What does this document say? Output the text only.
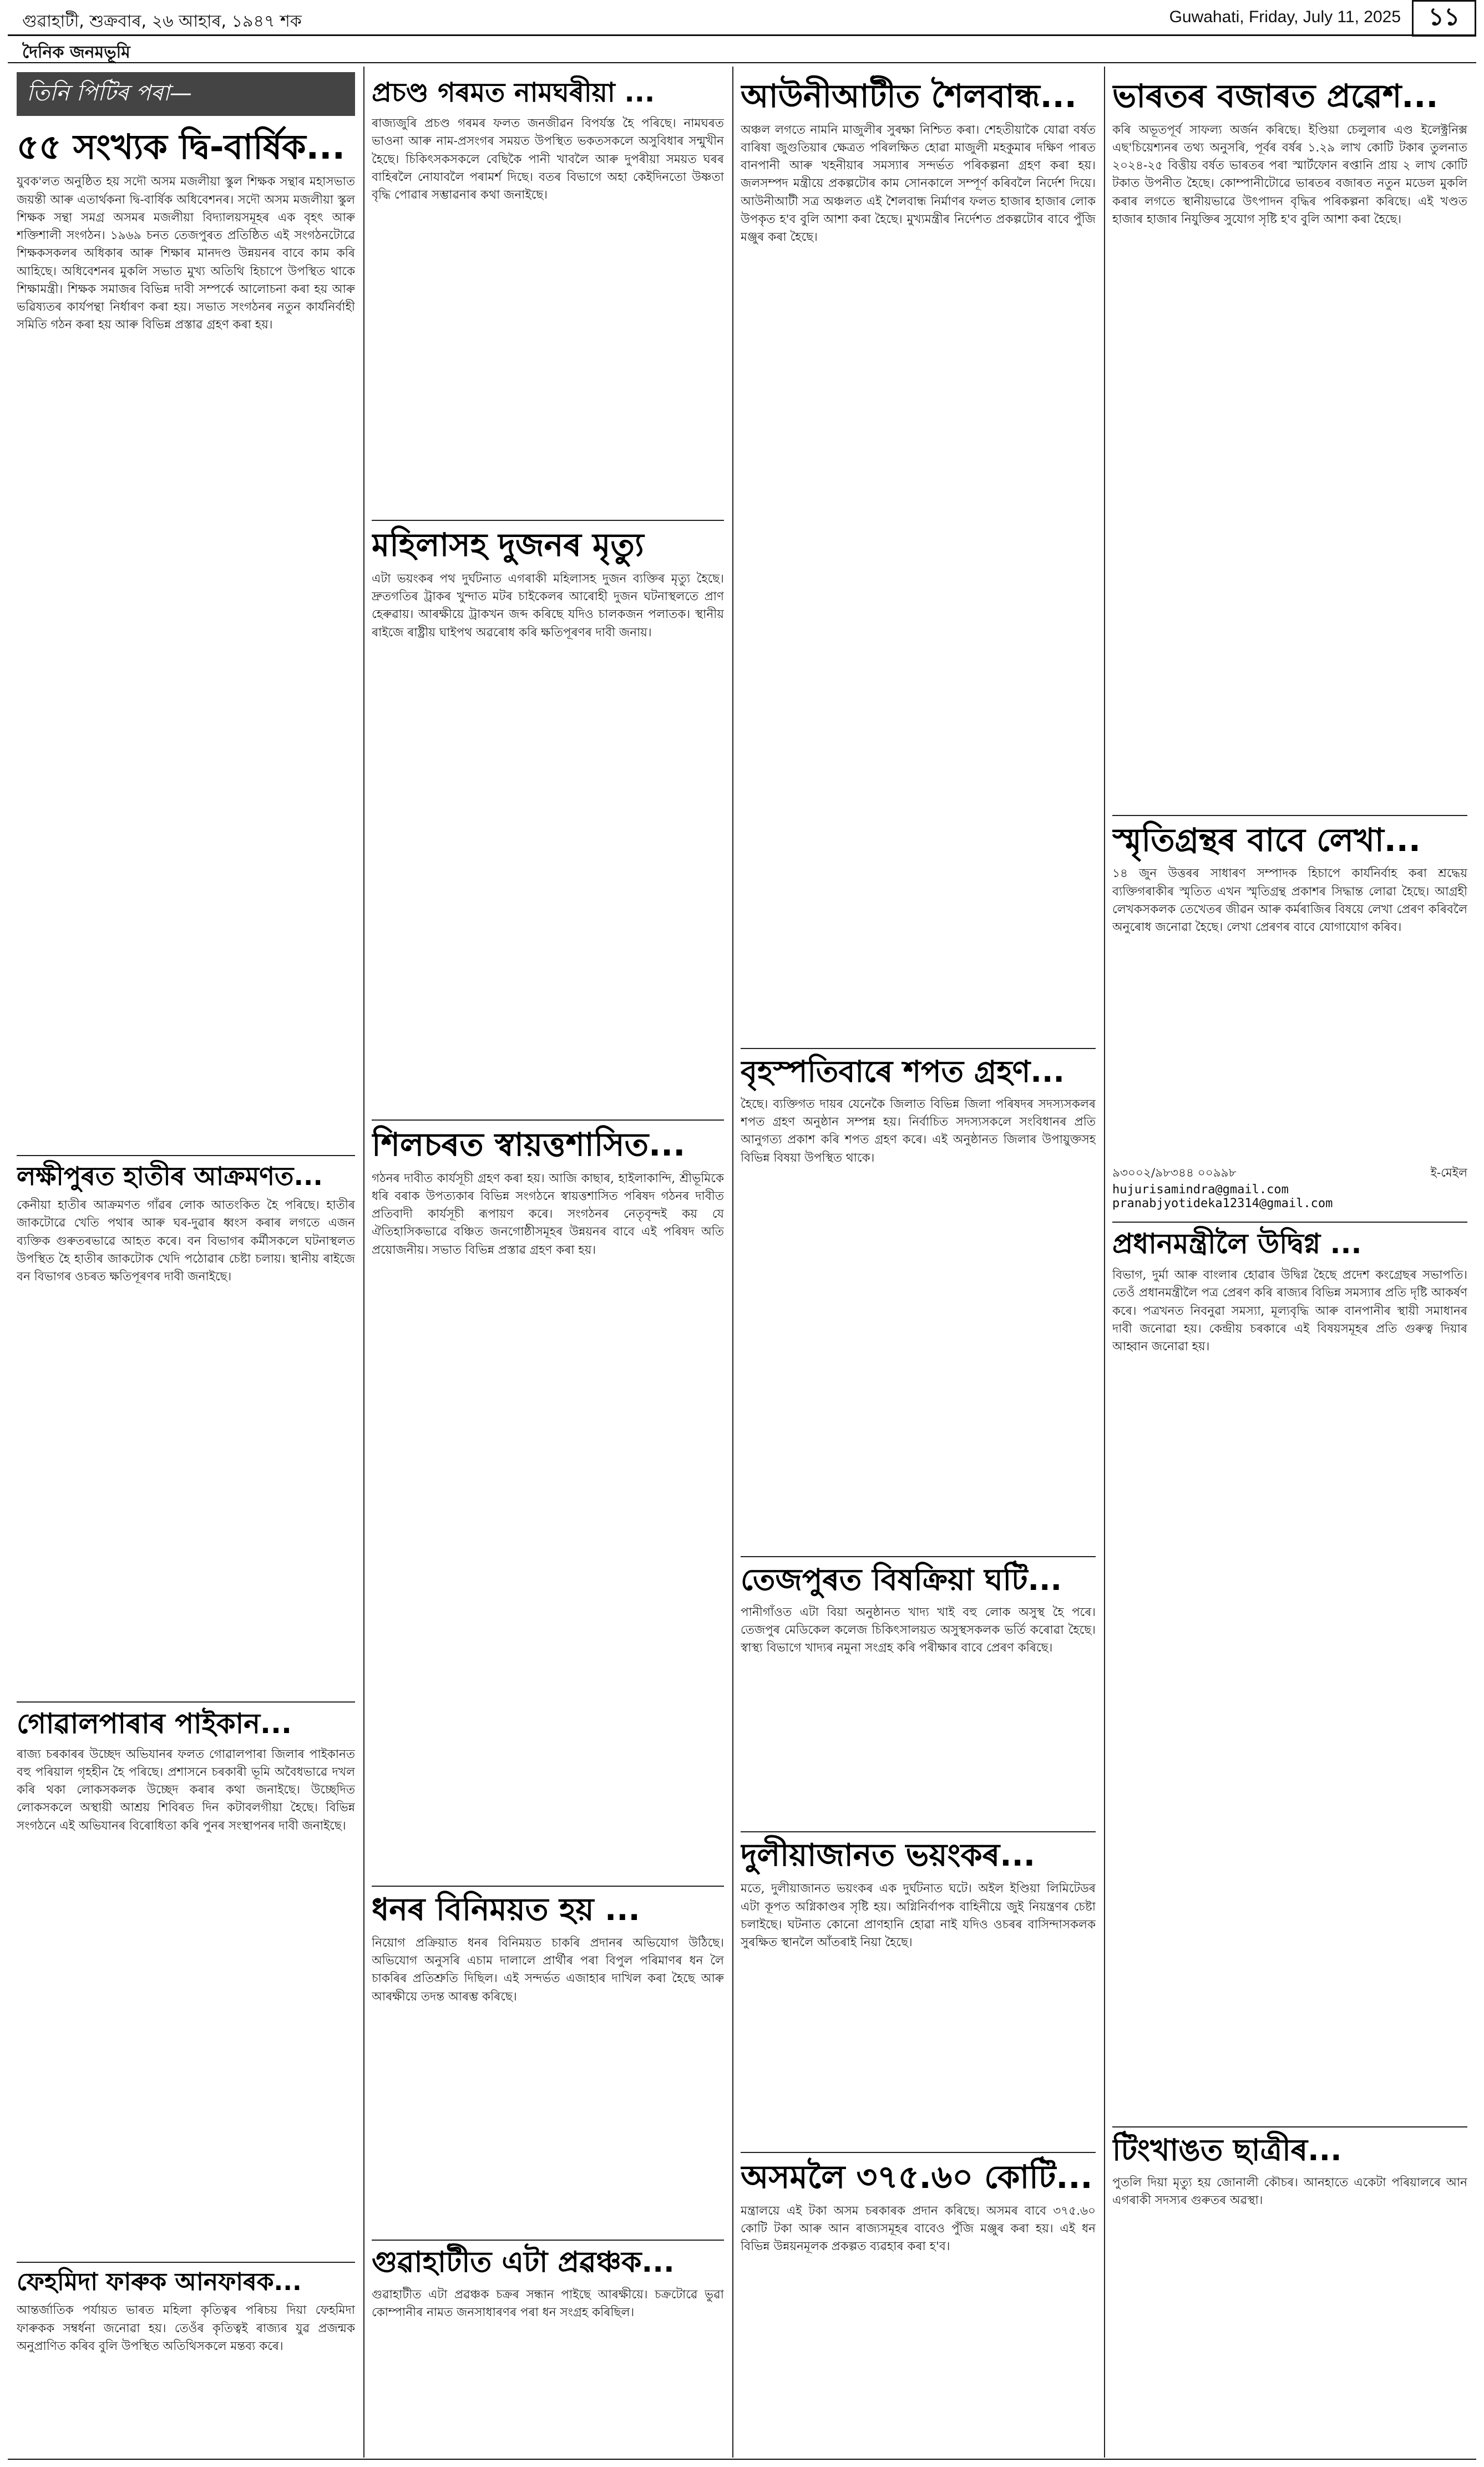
গুৱাহাটী, শুক্ৰবাৰ, ২৬ আহাৰ, ১৯৪৭ শক	Guwahati, Friday, July 11, 2025	১১
দৈনিক জনমভূমি
তিনি পিটিৰ পৰা—
৫৫ সংখ্যক দ্বি-বাৰ্ষিক...
যুবক'লত অনুষ্ঠিত হয় সদৌ অসম মজলীয়া স্কুল শিক্ষক সন্থাৰ মহাসভাত জয়ন্তী আৰু এতাৰ্থকনা দ্বি-বাৰ্ষিক অধিবেশনৰ। সদৌ অসম মজলীয়া স্কুল শিক্ষক সন্থা সমগ্ৰ অসমৰ মজলীয়া বিদ্যালয়সমূহৰ এক বৃহৎ আৰু শক্তিশালী সংগঠন। ১৯৬৯ চনত তেজপুৰত প্ৰতিষ্ঠিত এই সংগঠনটোৱে শিক্ষকসকলৰ অধিকাৰ আৰু শিক্ষাৰ মানদণ্ড উন্নয়নৰ বাবে কাম কৰি আহিছে। অধিবেশনৰ মুকলি সভাত মুখ্য অতিথি হিচাপে উপস্থিত থাকে শিক্ষামন্ত্ৰী। শিক্ষক সমাজৰ বিভিন্ন দাবী সম্পৰ্কে আলোচনা কৰা হয় আৰু ভৱিষ্যতৰ কাৰ্যপন্থা নিৰ্ধাৰণ কৰা হয়। সভাত সংগঠনৰ নতুন কাৰ্যনিৰ্বাহী সমিতি গঠন কৰা হয় আৰু বিভিন্ন প্ৰস্তাৱ গ্ৰহণ কৰা হয়।
লক্ষীপুৰত হাতীৰ আক্ৰমণত...
কেনীয়া হাতীৰ আক্ৰমণত গাঁৱৰ লোক আতংকিত হৈ পৰিছে। হাতীৰ জাকটোৱে খেতি পথাৰ আৰু ঘৰ-দুৱাৰ ধ্বংস কৰাৰ লগতে এজন ব্যক্তিক গুৰুতৰভাৱে আহত কৰে। বন বিভাগৰ কৰ্মীসকলে ঘটনাস্থলত উপস্থিত হৈ হাতীৰ জাকটোক খেদি পঠোৱাৰ চেষ্টা চলায়। স্থানীয় ৰাইজে বন বিভাগৰ ওচৰত ক্ষতিপূৰণৰ দাবী জনাইছে।
গোৱালপাৰাৰ পাইকান...
ৰাজ্য চৰকাৰৰ উচ্ছেদ অভিযানৰ ফলত গোৱালপাৰা জিলাৰ পাইকানত বহু পৰিয়াল গৃহহীন হৈ পৰিছে। প্ৰশাসনে চৰকাৰী ভূমি অবৈধভাৱে দখল কৰি থকা লোকসকলক উচ্ছেদ কৰাৰ কথা জনাইছে। উচ্ছেদিত লোকসকলে অস্থায়ী আশ্ৰয় শিবিৰত দিন কটাবলগীয়া হৈছে। বিভিন্ন সংগঠনে এই অভিযানৰ বিৰোধিতা কৰি পুনৰ সংস্থাপনৰ দাবী জনাইছে।
ফেহমিদা ফাৰুক আনফাৰক...
আন্তৰ্জাতিক পৰ্যায়ত ভাৰত মহিলা কৃতিত্বৰ পৰিচয় দিয়া ফেহমিদা ফাৰুকক সম্বৰ্ধনা জনোৱা হয়। তেওঁৰ কৃতিত্বই ৰাজ্যৰ যুৱ প্ৰজন্মক অনুপ্ৰাণিত কৰিব বুলি উপস্থিত অতিথিসকলে মন্তব্য কৰে।
প্ৰচণ্ড গৰমত নামঘৰীয়া ...
ৰাজ্যজুৰি প্ৰচণ্ড গৰমৰ ফলত জনজীৱন বিপৰ্যস্ত হৈ পৰিছে। নামঘৰত ভাওনা আৰু নাম-প্ৰসংগৰ সময়ত উপস্থিত ভকতসকলে অসুবিধাৰ সন্মুখীন হৈছে। চিকিৎসকসকলে বেছিকৈ পানী খাবলৈ আৰু দুপৰীয়া সময়ত ঘৰৰ বাহিৰলৈ নোযাবলৈ পৰামৰ্শ দিছে। বতৰ বিভাগে অহা কেইদিনতো উষ্ণতা বৃদ্ধি পোৱাৰ সম্ভাৱনাৰ কথা জনাইছে।
মহিলাসহ দুজনৰ মৃত্যু
এটা ভয়ংকৰ পথ দুৰ্ঘটনাত এগৰাকী মহিলাসহ দুজন ব্যক্তিৰ মৃত্যু হৈছে। দ্ৰুতগতিৰ ট্ৰাকৰ খুন্দাত মটৰ চাইকেলৰ আৰোহী দুজন ঘটনাস্থলতে প্ৰাণ হেৰুৱায়। আৰক্ষীয়ে ট্ৰাকখন জব্দ কৰিছে যদিও চালকজন পলাতক। স্থানীয় ৰাইজে ৰাষ্ট্ৰীয় ঘাইপথ অৱৰোধ কৰি ক্ষতিপূৰণৰ দাবী জনায়।
শিলচৰত স্বায়ত্তশাসিত...
গঠনৰ দাবীত কাৰ্যসূচী গ্ৰহণ কৰা হয়। আজি কাছাৰ, হাইলাকান্দি, শ্ৰীভূমিকে ধৰি বৰাক উপত্যকাৰ বিভিন্ন সংগঠনে স্বায়ত্তশাসিত পৰিষদ গঠনৰ দাবীত প্ৰতিবাদী কাৰ্যসূচী ৰূপায়ণ কৰে। সংগঠনৰ নেতৃবৃন্দই কয় যে ঐতিহাসিকভাৱে বঞ্চিত জনগোষ্ঠীসমূহৰ উন্নয়নৰ বাবে এই পৰিষদ অতি প্ৰয়োজনীয়। সভাত বিভিন্ন প্ৰস্তাৱ গ্ৰহণ কৰা হয়।
ধনৰ বিনিময়ত হয় ...
নিয়োগ প্ৰক্ৰিয়াত ধনৰ বিনিময়ত চাকৰি প্ৰদানৰ অভিযোগ উঠিছে। অভিযোগ অনুসৰি এচাম দালালে প্ৰাৰ্থীৰ পৰা বিপুল পৰিমাণৰ ধন লৈ চাকৰিৰ প্ৰতিশ্ৰুতি দিছিল। এই সন্দৰ্ভত এজাহাৰ দাখিল কৰা হৈছে আৰু আৰক্ষীয়ে তদন্ত আৰম্ভ কৰিছে।
গুৱাহাটীত এটা প্ৰৱঞ্চক...
গুৱাহাটীত এটা প্ৰৱঞ্চক চক্ৰৰ সন্ধান পাইছে আৰক্ষীয়ে। চক্ৰটোৱে ভুৱা কোম্পানীৰ নামত জনসাধাৰণৰ পৰা ধন সংগ্ৰহ কৰিছিল।
আউনীআটীত শৈলবান্ধ...
অঞ্চল লগতে নামনি মাজুলীৰ সুৰক্ষা নিশ্চিত কৰা। শেহতীয়াকৈ যোৱা বৰ্ষত বাৰিষা জুগুতিয়াৰ ক্ষেত্ৰত পৰিলক্ষিত হোৱা মাজুলী মহকুমাৰ দক্ষিণ পাৰত বানপানী আৰু খহনীয়াৰ সমস্যাৰ সন্দৰ্ভত পৰিকল্পনা গ্ৰহণ কৰা হয়। জলসম্পদ মন্ত্ৰীয়ে প্ৰকল্পটোৰ কাম সোনকালে সম্পূৰ্ণ কৰিবলৈ নিৰ্দেশ দিয়ে। আউনীআটী সত্ৰ অঞ্চলত এই শৈলবান্ধ নিৰ্মাণৰ ফলত হাজাৰ হাজাৰ লোক উপকৃত হ'ব বুলি আশা কৰা হৈছে। মুখ্যমন্ত্ৰীৰ নিৰ্দেশত প্ৰকল্পটোৰ বাবে পুঁজি মঞ্জুৰ কৰা হৈছে।
বৃহস্পতিবাৰে শপত গ্ৰহণ...
হৈছে। ব্যক্তিগত দায়ৰ যেনেকৈ জিলাত বিভিন্ন জিলা পৰিষদৰ সদস্যসকলৰ শপত গ্ৰহণ অনুষ্ঠান সম্পন্ন হয়। নিৰ্বাচিত সদস্যসকলে সংবিধানৰ প্ৰতি আনুগত্য প্ৰকাশ কৰি শপত গ্ৰহণ কৰে। এই অনুষ্ঠানত জিলাৰ উপায়ুক্তসহ বিভিন্ন বিষয়া উপস্থিত থাকে।
তেজপুৰত বিষক্ৰিয়া ঘটি...
পানীগাঁওত এটা বিয়া অনুষ্ঠানত খাদ্য খাই বহু লোক অসুস্থ হৈ পৰে। তেজপুৰ মেডিকেল কলেজ চিকিৎসালয়ত অসুস্থসকলক ভৰ্তি কৰোৱা হৈছে। স্বাস্থ্য বিভাগে খাদ্যৰ নমুনা সংগ্ৰহ কৰি পৰীক্ষাৰ বাবে প্ৰেৰণ কৰিছে।
দুলীয়াজানত ভয়ংকৰ...
মতে, দুলীয়াজানত ভয়ংকৰ এক দুৰ্ঘটনাত ঘটে। অইল ইণ্ডিয়া লিমিটেডৰ এটা কূপত অগ্নিকাণ্ডৰ সৃষ্টি হয়। অগ্নিনিৰ্বাপক বাহিনীয়ে জুই নিয়ন্ত্ৰণৰ চেষ্টা চলাইছে। ঘটনাত কোনো প্ৰাণহানি হোৱা নাই যদিও ওচৰৰ বাসিন্দাসকলক সুৰক্ষিত স্থানলৈ আঁতৰাই নিয়া হৈছে।
অসমলৈ ৩৭৫.৬০ কোটি...
মন্ত্ৰালয়ে এই টকা অসম চৰকাৰক প্ৰদান কৰিছে। অসমৰ বাবে ৩৭৫.৬০ কোটি টকা আৰু আন ৰাজ্যসমূহৰ বাবেও পুঁজি মঞ্জুৰ কৰা হয়। এই ধন বিভিন্ন উন্নয়নমূলক প্ৰকল্পত ব্যৱহাৰ কৰা হ'ব।
ভাৰতৰ বজাৰত প্ৰৱেশ...
কৰি অভূতপূৰ্ব সাফল্য অৰ্জন কৰিছে। ইণ্ডিয়া চেলুলাৰ এণ্ড ইলেক্ট্ৰনিক্স এছ'চিয়েশ্যনৰ তথ্য অনুসৰি, পূৰ্বৰ বৰ্ষৰ ১.২৯ লাখ কোটি টকাৰ তুলনাত ২০২৪-২৫ বিত্তীয় বৰ্ষত ভাৰতৰ পৰা স্মাৰ্টফোন ৰপ্তানি প্ৰায় ২ লাখ কোটি টকাত উপনীত হৈছে। কোম্পানীটোৱে ভাৰতৰ বজাৰত নতুন মডেল মুকলি কৰাৰ লগতে স্থানীয়ভাৱে উৎপাদন বৃদ্ধিৰ পৰিকল্পনা কৰিছে। এই খণ্ডত হাজাৰ হাজাৰ নিযুক্তিৰ সুযোগ সৃষ্টি হ'ব বুলি আশা কৰা হৈছে।
স্মৃতিগ্ৰন্থৰ বাবে লেখা...
১৪ জুন উত্তৰৰ সাধাৰণ সম্পাদক হিচাপে কাৰ্যনিৰ্বাহ কৰা শ্ৰদ্ধেয় ব্যক্তিগৰাকীৰ স্মৃতিত এখন স্মৃতিগ্ৰন্থ প্ৰকাশৰ সিদ্ধান্ত লোৱা হৈছে। আগ্ৰহী লেখকসকলক তেখেতৰ জীৱন আৰু কৰ্মৰাজিৰ বিষয়ে লেখা প্ৰেৰণ কৰিবলৈ অনুৰোধ জনোৱা হৈছে। লেখা প্ৰেৰণৰ বাবে যোগাযোগ কৰিব।
৯৩০০২/৯৮৩৪৪ ০০৯৯৮	ই-মেইল
hujurisamindra@gmail.com
pranabjyotideka12314@gmail.com
প্ৰধানমন্ত্ৰীলৈ উদ্বিগ্ন ...
বিভাগ, দুর্মা আৰু বাংলাৰ হোৱাৰ উদ্বিগ্ন হৈছে প্ৰদেশ কংগ্ৰেছৰ সভাপতি। তেওঁ প্ৰধানমন্ত্ৰীলৈ পত্ৰ প্ৰেৰণ কৰি ৰাজ্যৰ বিভিন্ন সমস্যাৰ প্ৰতি দৃষ্টি আকৰ্ষণ কৰে। পত্ৰখনত নিবনুৱা সমস্যা, মূল্যবৃদ্ধি আৰু বানপানীৰ স্থায়ী সমাধানৰ দাবী জনোৱা হয়। কেন্দ্ৰীয় চৰকাৰে এই বিষয়সমূহৰ প্ৰতি গুৰুত্ব দিয়াৰ আহ্বান জনোৱা হয়।
টিংখাঙত ছাত্ৰীৰ...
পুতলি দিয়া মৃত্যু হয় জোনালী কৌচৰ। আনহাতে একেটা পৰিয়ালৰে আন এগৰাকী সদস্যৰ গুৰুতৰ অৱস্থা।
